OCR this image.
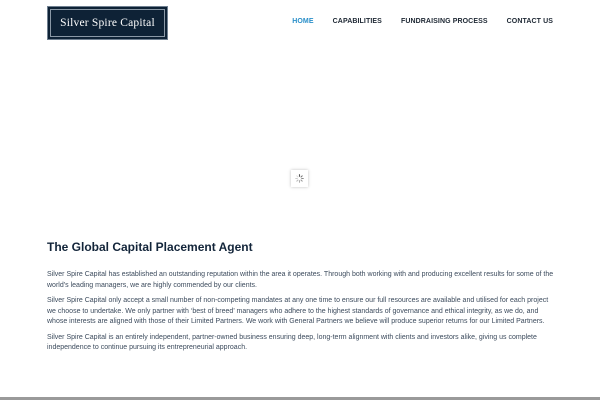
Silver Spire Capital	HOME	CAPABILITIES	FUNDRAISING PROCESS	CONTACT US
The Global Capital Placement Agent

Silver Spire Capital has established an outstanding reputation within the area it operates. Through both working with and producing excellent results for some of the world’s leading managers, we are highly commended by our clients.

Silver Spire Capital only accept a small number of non-competing mandates at any one time to ensure our full resources are available and utilised for each project we choose to undertake. We only partner with ‘best of breed’ managers who adhere to the highest standards of governance and ethical integrity, as we do, and whose interests are aligned with those of their Limited Partners. We work with General Partners we believe will produce superior returns for our Limited Partners.

Silver Spire Capital is an entirely independent, partner-owned business ensuring deep, long-term alignment with clients and investors alike, giving us complete independence to continue pursuing its entrepreneurial approach.
